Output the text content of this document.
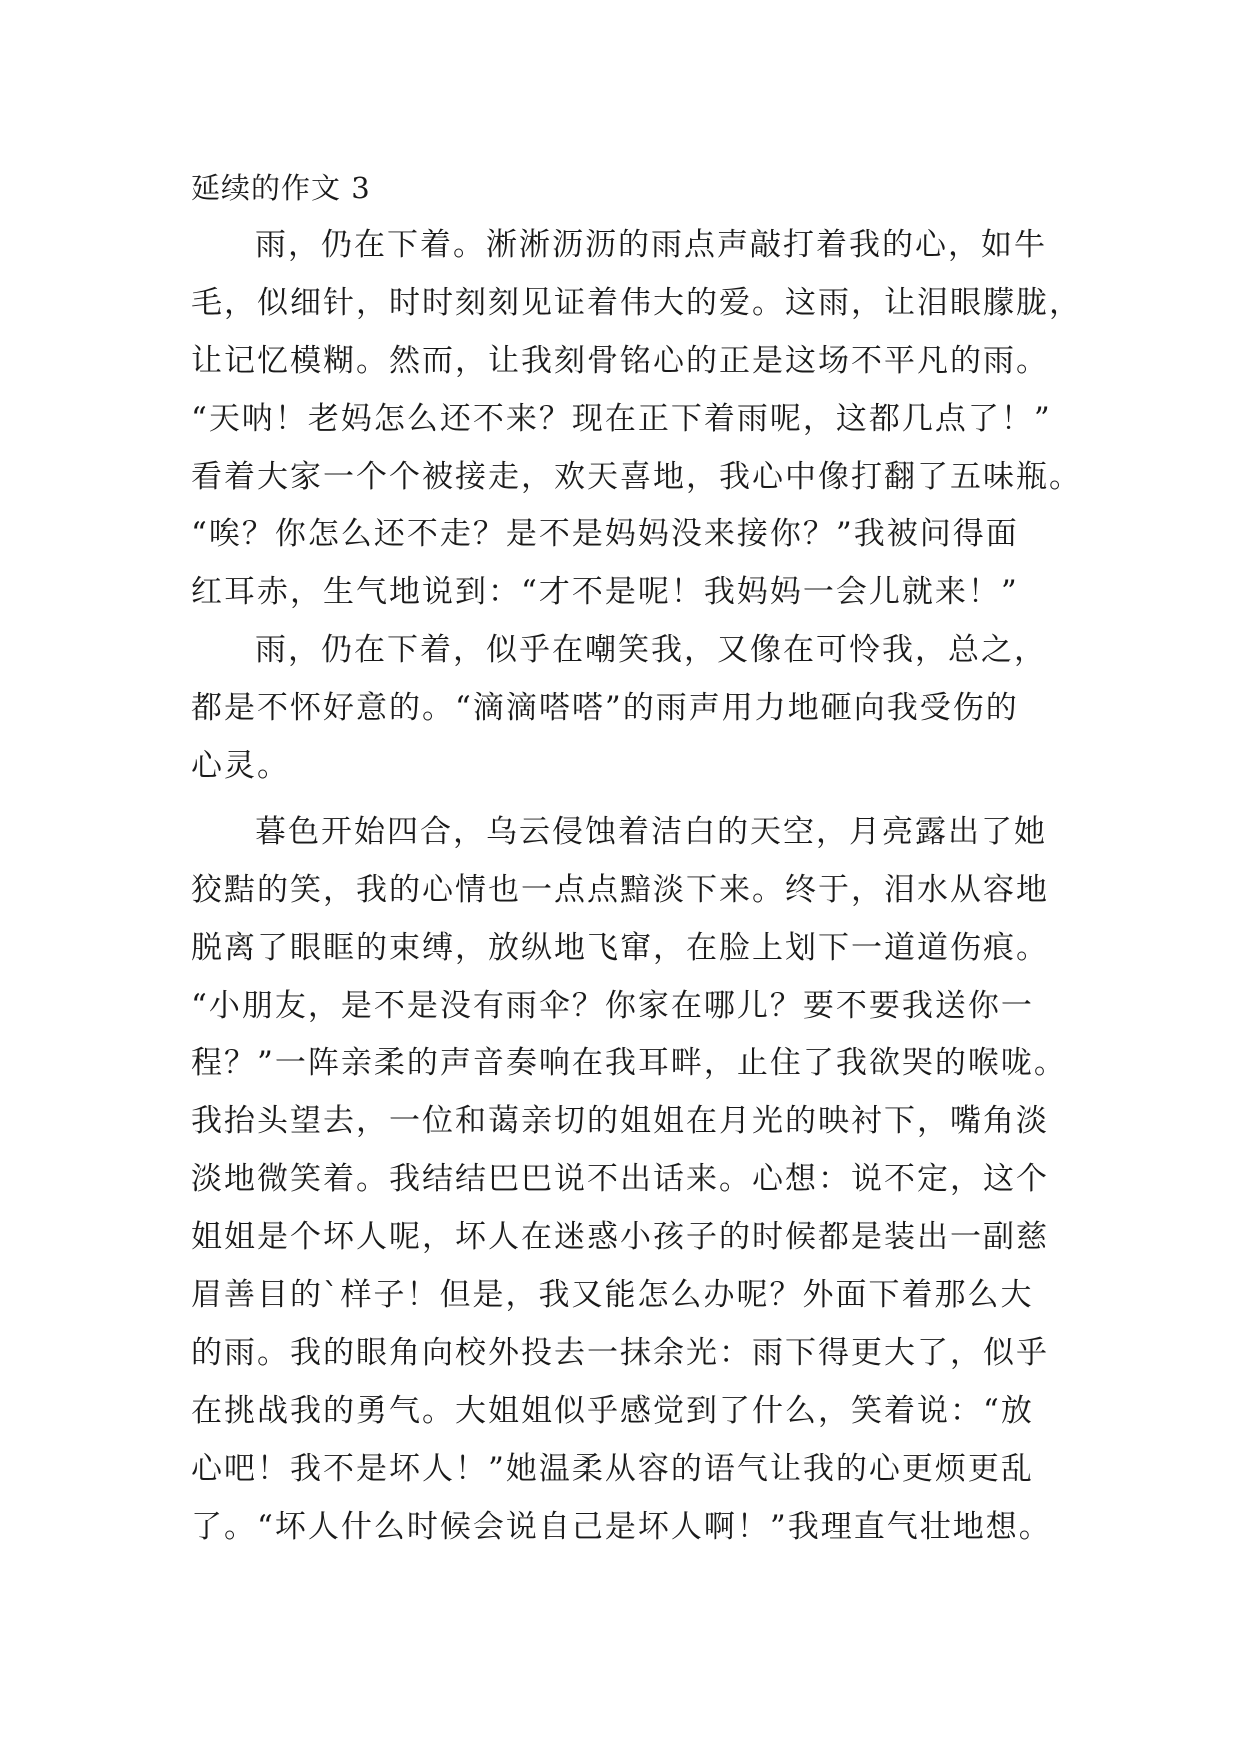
延续的作文 3
雨，仍在下着。淅淅沥沥的雨点声敲打着我的心，如牛
毛，似细针，时时刻刻见证着伟大的爱。这雨，让泪眼朦胧，
让记忆模糊。然而，让我刻骨铭心的正是这场不平凡的雨。
“天呐！老妈怎么还不来？现在正下着雨呢，这都几点了！”
看着大家一个个被接走，欢天喜地，我心中像打翻了五味瓶。
“唉？你怎么还不走？是不是妈妈没来接你？”我被问得面
红耳赤，生气地说到：“才不是呢！我妈妈一会儿就来！”
雨，仍在下着，似乎在嘲笑我，又像在可怜我，总之，
都是不怀好意的。“滴滴嗒嗒”的雨声用力地砸向我受伤的
心灵。
暮色开始四合，乌云侵蚀着洁白的天空，月亮露出了她
狡黠的笑，我的心情也一点点黯淡下来。终于，泪水从容地
脱离了眼眶的束缚，放纵地飞窜，在脸上划下一道道伤痕。
“小朋友，是不是没有雨伞？你家在哪儿？要不要我送你一
程？”一阵亲柔的声音奏响在我耳畔，止住了我欲哭的喉咙。
我抬头望去，一位和蔼亲切的姐姐在月光的映衬下，嘴角淡
淡地微笑着。我结结巴巴说不出话来。心想：说不定，这个
姐姐是个坏人呢，坏人在迷惑小孩子的时候都是装出一副慈
眉善目的`样子！但是，我又能怎么办呢？外面下着那么大
的雨。我的眼角向校外投去一抹余光：雨下得更大了，似乎
在挑战我的勇气。大姐姐似乎感觉到了什么，笑着说：“放
心吧！我不是坏人！”她温柔从容的语气让我的心更烦更乱
了。“坏人什么时候会说自己是坏人啊！”我理直气壮地想。
